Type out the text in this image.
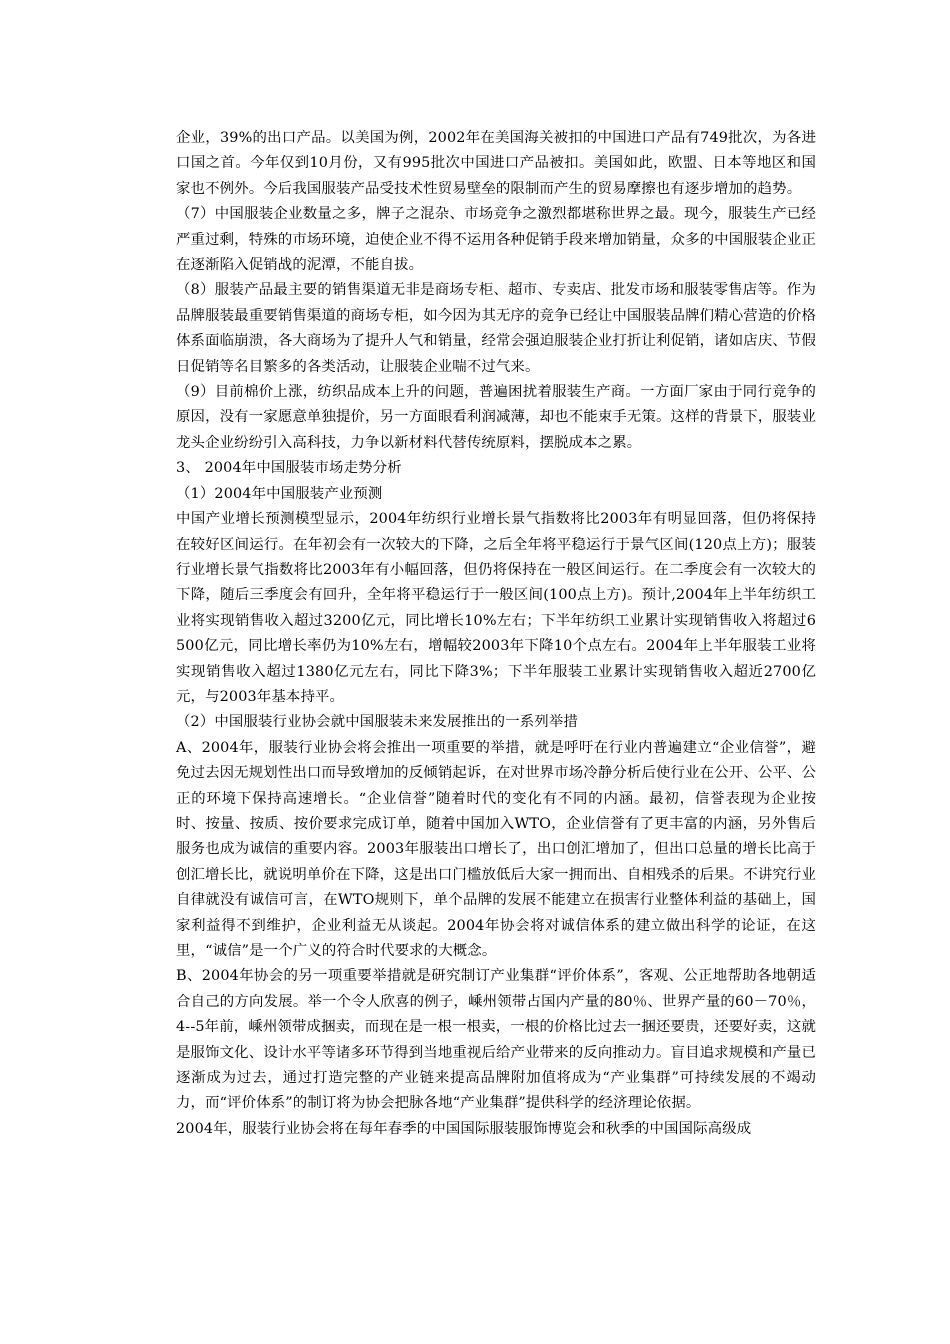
企业，39%的出口产品。以美国为例，2002年在美国海关被扣的中国进口产品有749批次，为各进口国之首。今年仅到10月份，又有995批次中国进口产品被扣。美国如此，欧盟、日本等地区和国家也不例外。今后我国服装产品受技术性贸易壁垒的限制而产生的贸易摩擦也有逐步增加的趋势。

（7）中国服装企业数量之多，牌子之混杂、市场竞争之激烈都堪称世界之最。现今，服装生产已经严重过剩，特殊的市场环境，迫使企业不得不运用各种促销手段来增加销量，众多的中国服装企业正在逐渐陷入促销战的泥潭，不能自拔。

（8）服装产品最主要的销售渠道无非是商场专柜、超市、专卖店、批发市场和服装零售店等。作为品牌服装最重要销售渠道的商场专柜，如今因为其无序的竞争已经让中国服装品牌们精心营造的价格体系面临崩溃，各大商场为了提升人气和销量，经常会强迫服装企业打折让利促销，诸如店庆、节假日促销等名目繁多的各类活动，让服装企业喘不过气来。

（9）目前棉价上涨，纺织品成本上升的问题，普遍困扰着服装生产商。一方面厂家由于同行竞争的原因，没有一家愿意单独提价，另一方面眼看利润减薄，却也不能束手无策。这样的背景下，服装业龙头企业纷纷引入高科技，力争以新材料代替传统原料，摆脱成本之累。

3、 2004年中国服装市场走势分析

（1）2004年中国服装产业预测

中国产业增长预测模型显示，2004年纺织行业增长景气指数将比2003年有明显回落，但仍将保持在较好区间运行。在年初会有一次较大的下降，之后全年将平稳运行于景气区间(120点上方)；服装行业增长景气指数将比2003年有小幅回落，但仍将保持在一般区间运行。在二季度会有一次较大的下降，随后三季度会有回升，全年将平稳运行于一般区间(100点上方)。预计,2004年上半年纺织工业将实现销售收入超过3200亿元，同比增长10%左右；下半年纺织工业累计实现销售收入将超过6500亿元，同比增长率仍为10%左右，增幅较2003年下降10个点左右。2004年上半年服装工业将实现销售收入超过1380亿元左右，同比下降3%；下半年服装工业累计实现销售收入超近2700亿元，与2003年基本持平。

（2）中国服装行业协会就中国服装未来发展推出的一系列举措

A、2004年，服装行业协会将会推出一项重要的举措，就是呼吁在行业内普遍建立“企业信誉”，避免过去因无规划性出口而导致增加的反倾销起诉，在对世界市场冷静分析后使行业在公开、公平、公正的环境下保持高速增长。“企业信誉”随着时代的变化有不同的内涵。最初，信誉表现为企业按时、按量、按质、按价要求完成订单，随着中国加入WTO，企业信誉有了更丰富的内涵，另外售后服务也成为诚信的重要内容。2003年服装出口增长了，出口创汇增加了，但出口总量的增长比高于创汇增长比，就说明单价在下降，这是出口门槛放低后大家一拥而出、自相残杀的后果。不讲究行业自律就没有诚信可言，在WTO规则下，单个品牌的发展不能建立在损害行业整体利益的基础上，国家利益得不到维护，企业利益无从谈起。2004年协会将对诚信体系的建立做出科学的论证，在这里，“诚信”是一个广义的符合时代要求的大概念。

B、2004年协会的另一项重要举措就是研究制订产业集群“评价体系”，客观、公正地帮助各地朝适合自己的方向发展。举一个令人欣喜的例子，嵊州领带占国内产量的80％、世界产量的60－70％，4--5年前，嵊州领带成捆卖，而现在是一根一根卖，一根的价格比过去一捆还要贵，还要好卖，这就是服饰文化、设计水平等诸多环节得到当地重视后给产业带来的反向推动力。盲目追求规模和产量已逐渐成为过去，通过打造完整的产业链来提高品牌附加值将成为“产业集群”可持续发展的不竭动力，而“评价体系”的制订将为协会把脉各地“产业集群”提供科学的经济理论依据。

2004年，服装行业协会将在每年春季的中国国际服装服饰博览会和秋季的中国国际高级成
